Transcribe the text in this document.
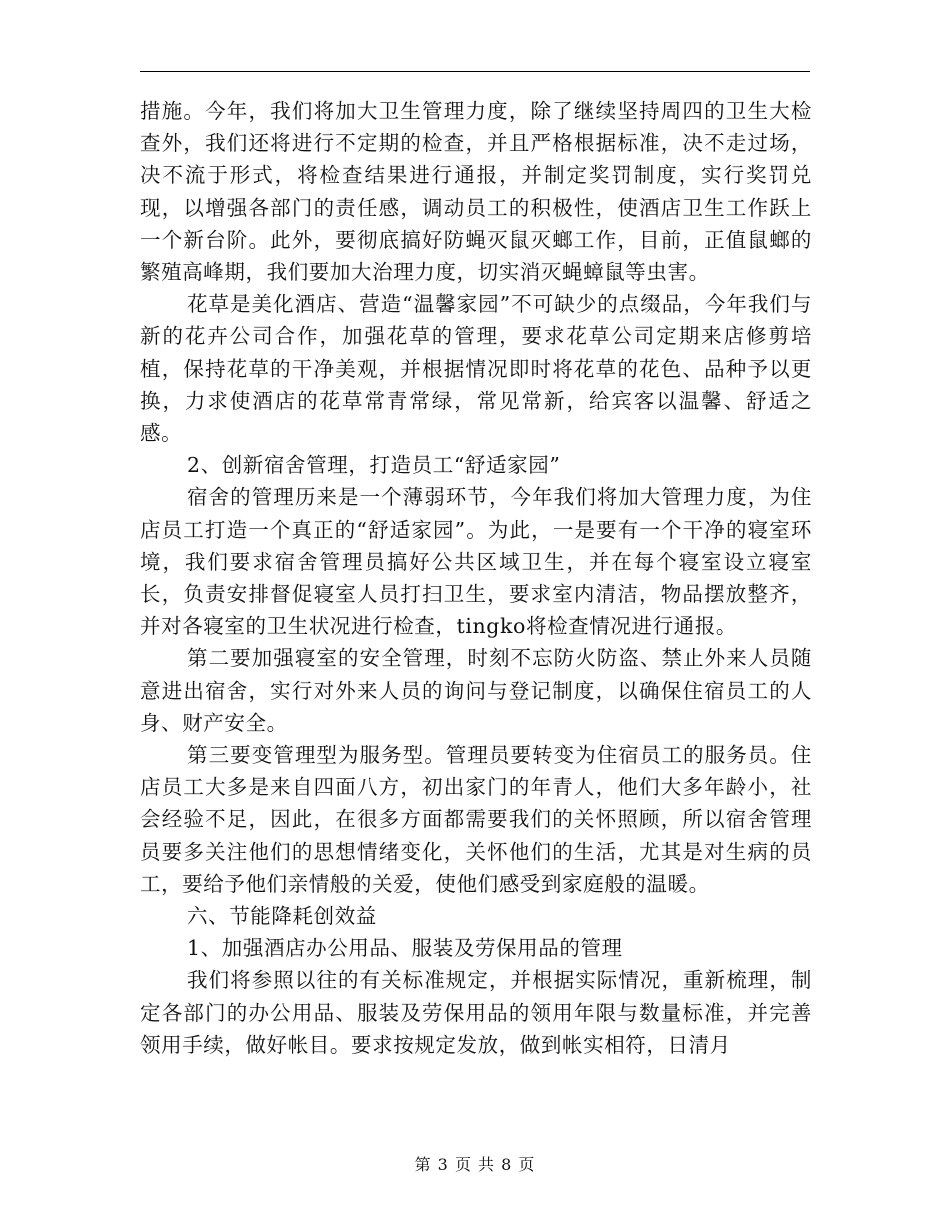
措施。今年，我们将加大卫生管理力度，除了继续坚持周四的卫生大检查外，我们还将进行不定期的检查，并且严格根据标准，决不走过场，决不流于形式，将检查结果进行通报，并制定奖罚制度，实行奖罚兑现，以增强各部门的责任感，调动员工的积极性，使酒店卫生工作跃上一个新台阶。此外，要彻底搞好防蝇灭鼠灭螂工作，目前，正值鼠螂的繁殖高峰期，我们要加大治理力度，切实消灭蝇蟑鼠等虫害。

花草是美化酒店、营造“温馨家园”不可缺少的点缀品，今年我们与新的花卉公司合作，加强花草的管理，要求花草公司定期来店修剪培植，保持花草的干净美观，并根据情况即时将花草的花色、品种予以更换，力求使酒店的花草常青常绿，常见常新，给宾客以温馨、舒适之感。

2、创新宿舍管理，打造员工“舒适家园”

宿舍的管理历来是一个薄弱环节，今年我们将加大管理力度，为住店员工打造一个真正的“舒适家园”。为此，一是要有一个干净的寝室环境，我们要求宿舍管理员搞好公共区域卫生，并在每个寝室设立寝室长，负责安排督促寝室人员打扫卫生，要求室内清洁，物品摆放整齐，并对各寝室的卫生状况进行检查，tingko将检查情况进行通报。

第二要加强寝室的安全管理，时刻不忘防火防盗、禁止外来人员随意进出宿舍，实行对外来人员的询问与登记制度，以确保住宿员工的人身、财产安全。

第三要变管理型为服务型。管理员要转变为住宿员工的服务员。住店员工大多是来自四面八方，初出家门的年青人，他们大多年龄小，社会经验不足，因此，在很多方面都需要我们的关怀照顾，所以宿舍管理员要多关注他们的思想情绪变化，关怀他们的生活，尤其是对生病的员工，要给予他们亲情般的关爱，使他们感受到家庭般的温暖。

六、节能降耗创效益

1、加强酒店办公用品、服装及劳保用品的管理

我们将参照以往的有关标准规定，并根据实际情况，重新梳理，制定各部门的办公用品、服装及劳保用品的领用年限与数量标准，并完善领用手续，做好帐目。要求按规定发放，做到帐实相符，日清月

第 3 页 共 8 页
